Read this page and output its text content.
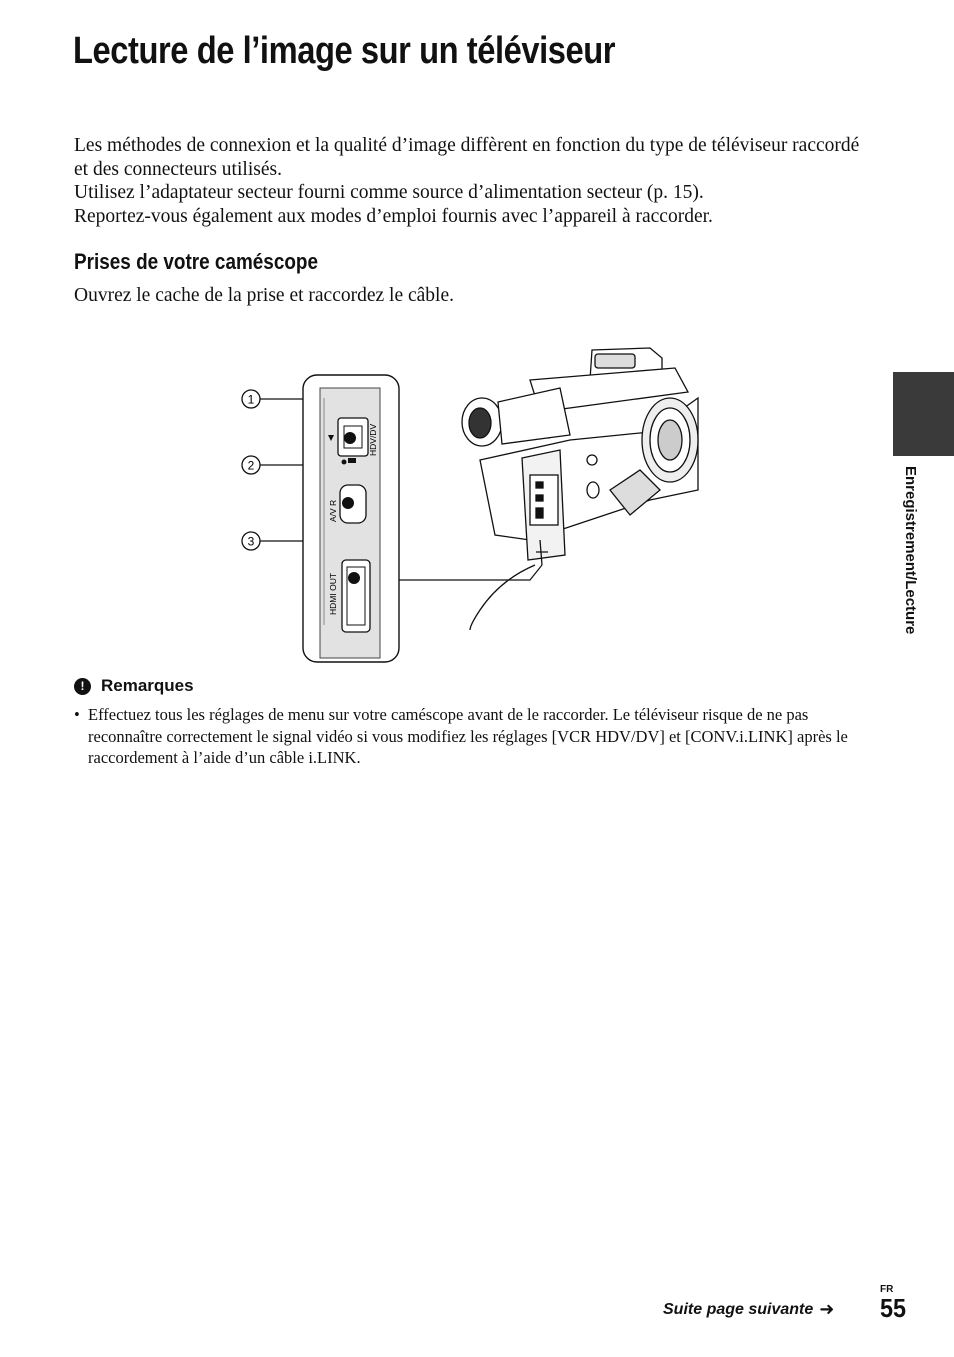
Lecture de l’image sur un téléviseur

Les méthodes de connexion et la qualité d’image diffèrent en fonction du type de téléviseur raccordé et des connecteurs utilisés.

Utilisez l’adaptateur secteur fourni comme source d’alimentation secteur (p. 15).

Reportez-vous également aux modes d’emploi fournis avec l’appareil à raccorder.

Prises de votre caméscope

Ouvrez le cache de la prise et raccordez le câble.

1
2
3
HDV/DV
A/V R
HDMI OUT
! Remarques
• Effectuez tous les réglages de menu sur votre caméscope avant de le raccorder. Le téléviseur risque de ne pas reconnaître correctement le signal vidéo si vous modifiez les réglages [VCR HDV/DV] et [CONV.i.LINK] après le raccordement à l’aide d’un câble i.LINK.
Enregistrement/Lecture
Suite page suivante ➜
FR
55
